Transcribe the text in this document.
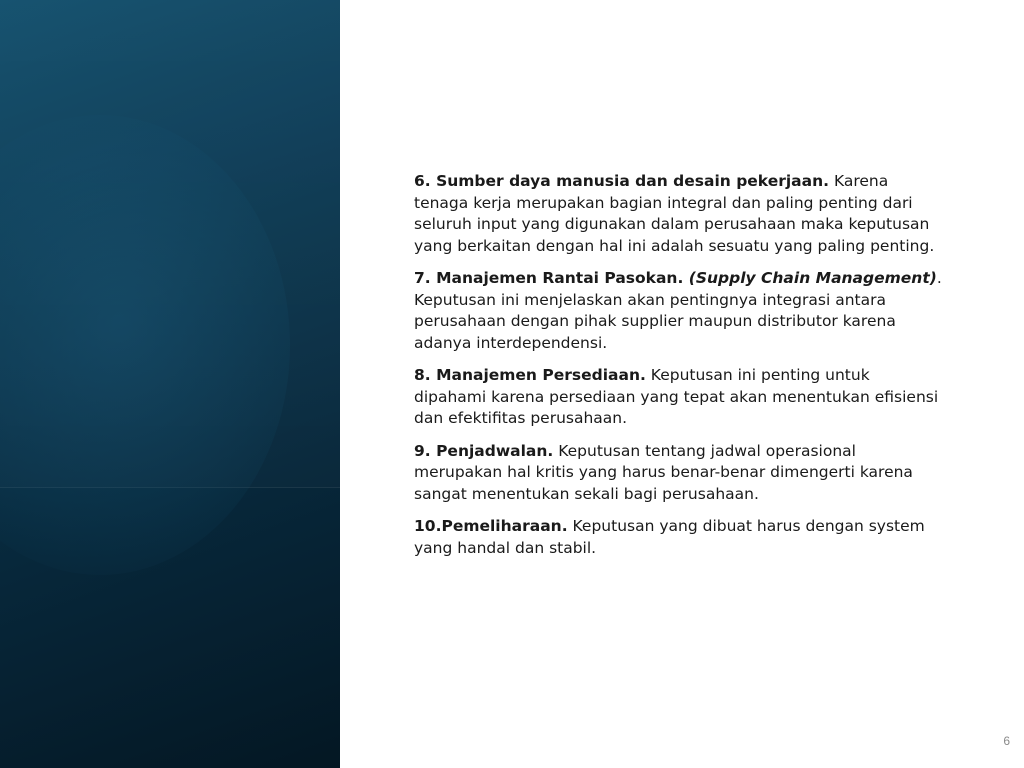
6. Sumber daya manusia dan desain pekerjaan. Karena tenaga kerja merupakan bagian integral dan paling penting dari seluruh input yang digunakan dalam perusahaan maka keputusan yang berkaitan dengan hal ini adalah sesuatu yang paling penting.

7. Manajemen Rantai Pasokan. (Supply Chain Management). Keputusan ini menjelaskan akan pentingnya integrasi antara perusahaan dengan pihak supplier maupun distributor karena adanya interdependensi.

8. Manajemen Persediaan. Keputusan ini penting untuk dipahami karena persediaan yang tepat akan menentukan efisiensi dan efektifitas perusahaan.

9. Penjadwalan. Keputusan tentang jadwal operasional merupakan hal kritis yang harus benar-benar dimengerti karena sangat menentukan sekali bagi perusahaan.

10.Pemeliharaan. Keputusan yang dibuat harus dengan system yang handal dan stabil.

6
